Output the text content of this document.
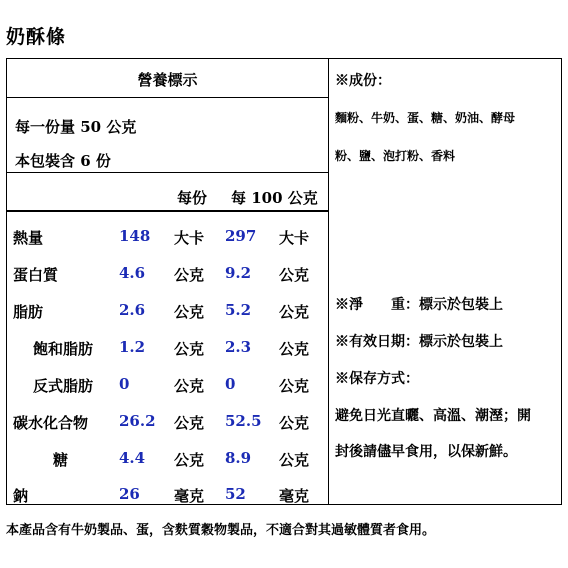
奶酥條
營養標示
每一份量 50 公克
本包裝含 6 份
每份 每 100 公克
熱量	148 大卡 297 大卡
蛋白質	4.6 公克 9.2 公克
脂肪	2.6 公克 5.2 公克
飽和脂肪 1.2 公克 2.3 公克
反式脂肪 0	公克 0	公克
碳水化合物 26.2 公克 52.5 公克
糖	4.4 公克 8.9 公克
鈉	26 毫克 52 毫克
※成份：
麵粉、牛奶、蛋、糖、奶油、酵母
粉、鹽、泡打粉、香料
※淨　　重：標示於包裝上
※有效日期：標示於包裝上
※保存方式：
避免日光直曬、高溫、潮溼；開
封後請儘早食用，以保新鮮。
本產品含有牛奶製品、蛋，含麩質穀物製品，不適合對其過敏體質者食用。
